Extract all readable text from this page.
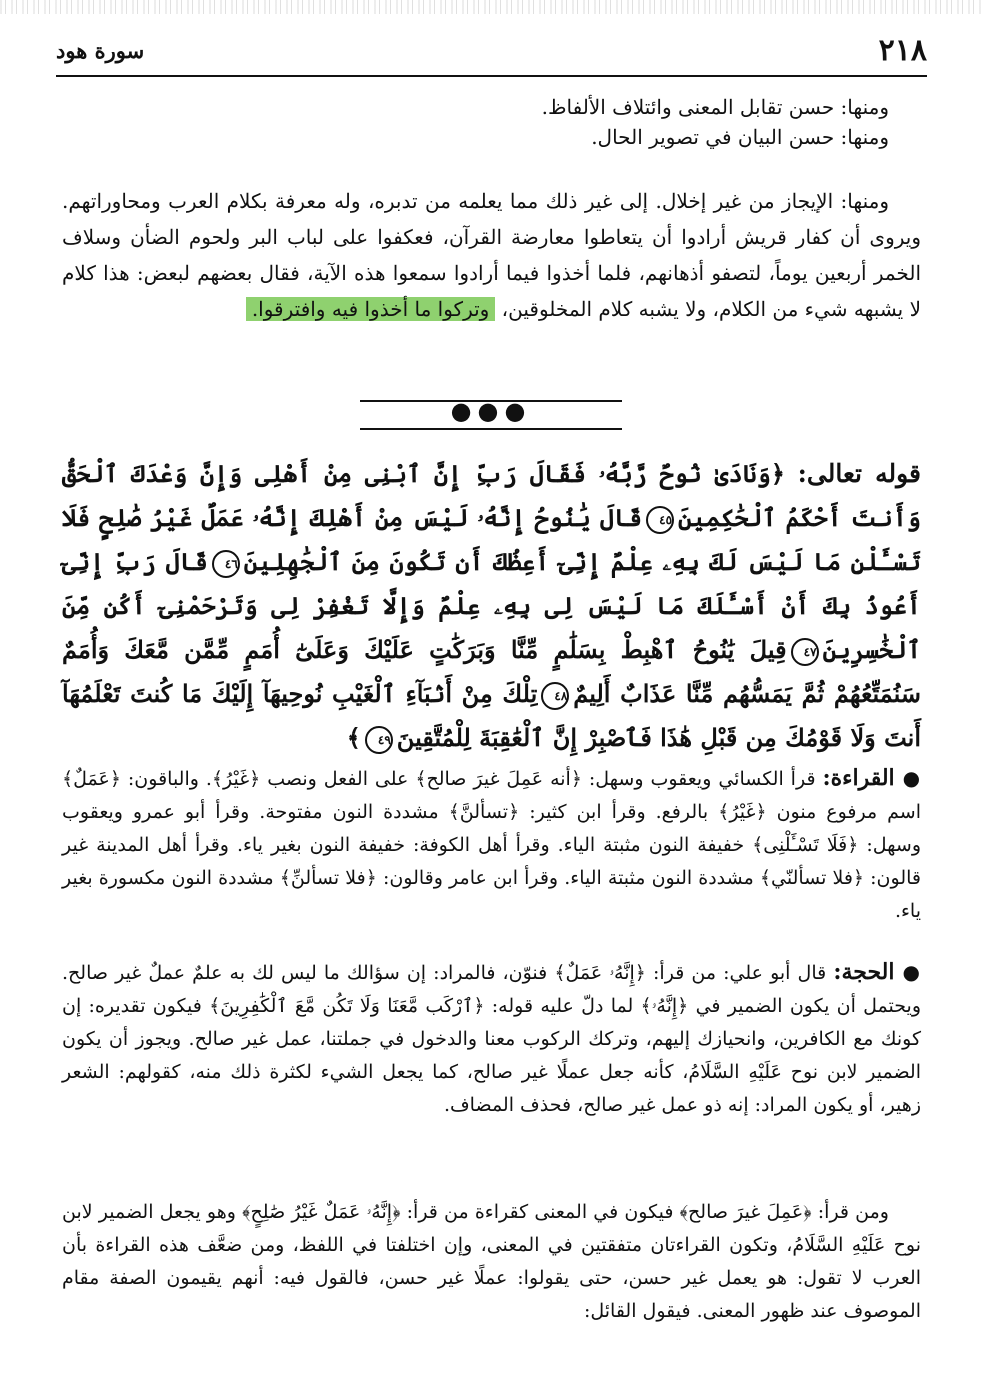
٢١٨
سورة هود
ومنها: حسن تقابل المعنى وائتلاف الألفاظ.
ومنها: حسن البيان في تصوير الحال.
ومنها: الإيجاز من غير إخلال. إلى غير ذلك مما يعلمه من تدبره، وله معرفة بكلام العرب ومحاوراتهم. ويروى أن كفار قريش أرادوا أن يتعاطوا معارضة القرآن، فعكفوا على لباب البر ولحوم الضأن وسلاف الخمر أربعين يوماً، لتصفو أذهانهم، فلما أخذوا فيما أرادوا سمعوا هذه الآية، فقال بعضهم لبعض: هذا كلام لا يشبهه شيء من الكلام، ولا يشبه كلام المخلوقين، وتركوا ما أخذوا فيه وافترقوا.
●●●
قوله تعالى: ﴿وَنَادَىٰ نُوحٌ رَّبَّهُۥ فَقَالَ رَبِّ إِنَّ ٱبْنِى مِنْ أَهْلِى وَإِنَّ وَعْدَكَ ٱلْحَقُّ وَأَنتَ أَحْكَمُ ٱلْحَٰكِمِينَ٤٥قَالَ يَٰنُوحُ إِنَّهُۥ لَيْسَ مِنْ أَهْلِكَ إِنَّهُۥ عَمَلٌ غَيْرُ صَٰلِحٍ فَلَا تَسْـَٔلْنِ مَا لَيْسَ لَكَ بِهِۦ عِلْمٌ إِنِّىٓ أَعِظُكَ أَن تَكُونَ مِنَ ٱلْجَٰهِلِينَ٤٦قَالَ رَبِّ إِنِّىٓ أَعُوذُ بِكَ أَنْ أَسْـَٔلَكَ مَا لَيْسَ لِى بِهِۦ عِلْمٌ وَإِلَّا تَغْفِرْ لِى وَتَرْحَمْنِىٓ أَكُن مِّنَ ٱلْخَٰسِرِينَ٤٧قِيلَ يَٰنُوحُ ٱهْبِطْ بِسَلَٰمٍ مِّنَّا وَبَرَكَٰتٍ عَلَيْكَ وَعَلَىٰٓ أُمَمٍ مِّمَّن مَّعَكَ وَأُمَمٌ سَنُمَتِّعُهُمْ ثُمَّ يَمَسُّهُم مِّنَّا عَذَابٌ أَلِيمٌ٤٨تِلْكَ مِنْ أَنۢبَآءِ ٱلْغَيْبِ نُوحِيهَآ إِلَيْكَ مَا كُنتَ تَعْلَمُهَآ أَنتَ وَلَا قَوْمُكَ مِن قَبْلِ هَٰذَا فَٱصْبِرْ إِنَّ ٱلْعَٰقِبَةَ لِلْمُتَّقِينَ٤٩﴾
●القراءة: قرأ الكسائي ويعقوب وسهل: ﴿أنه عَمِلَ غيرَ صالح﴾ على الفعل ونصب ﴿غَيْرُ﴾. والباقون: ﴿عَمَلٌ﴾ اسم مرفوع منون ﴿غَيْرُ﴾ بالرفع. وقرأ ابن كثير: ﴿تسألنَّ﴾ مشددة النون مفتوحة. وقرأ أبو عمرو ويعقوب وسهل: ﴿فَلَا تَسْـَٔلْنِى﴾ خفيفة النون مثبتة الياء. وقرأ أهل الكوفة: خفيفة النون بغير ياء. وقرأ أهل المدينة غير قالون: ﴿فلا تسألنّي﴾ مشددة النون مثبتة الياء. وقرأ ابن عامر وقالون: ﴿فلا تسألنِّ﴾ مشددة النون مكسورة بغير ياء.
●الحجة: قال أبو علي: من قرأ: ﴿إِنَّهُۥ عَمَلٌ﴾ فنوّن، فالمراد: إن سؤالك ما ليس لك به علمٌ عملٌ غير صالح. ويحتمل أن يكون الضمير في ﴿إِنَّهُۥ﴾ لما دلّ عليه قوله: ﴿ٱرْكَب مَّعَنَا وَلَا تَكُن مَّعَ ٱلْكَٰفِرِينَ﴾ فيكون تقديره: إن كونك مع الكافرين، وانحيازك إليهم، وتركك الركوب معنا والدخول في جملتنا، عمل غير صالح. ويجوز أن يكون الضمير لابن نوح عَلَيْهِ السَّلَامُ، كأنه جعل عملًا غير صالح، كما يجعل الشيء لكثرة ذلك منه، كقولهم: الشعر زهير، أو يكون المراد: إنه ذو عمل غير صالح، فحذف المضاف.
ومن قرأ: ﴿عَمِلَ غيرَ صالح﴾ فيكون في المعنى كقراءة من قرأ: ﴿إِنَّهُۥ عَمَلٌ غَيْرُ صَٰلِحٍ﴾ وهو يجعل الضمير لابن نوح عَلَيْهِ السَّلَامُ، وتكون القراءتان متفقتين في المعنى، وإن اختلفتا في اللفظ، ومن ضعَّف هذه القراءة بأن العرب لا تقول: هو يعمل غير حسن، حتى يقولوا: عملًا غير حسن، فالقول فيه: أنهم يقيمون الصفة مقام الموصوف عند ظهور المعنى. فيقول القائل:
